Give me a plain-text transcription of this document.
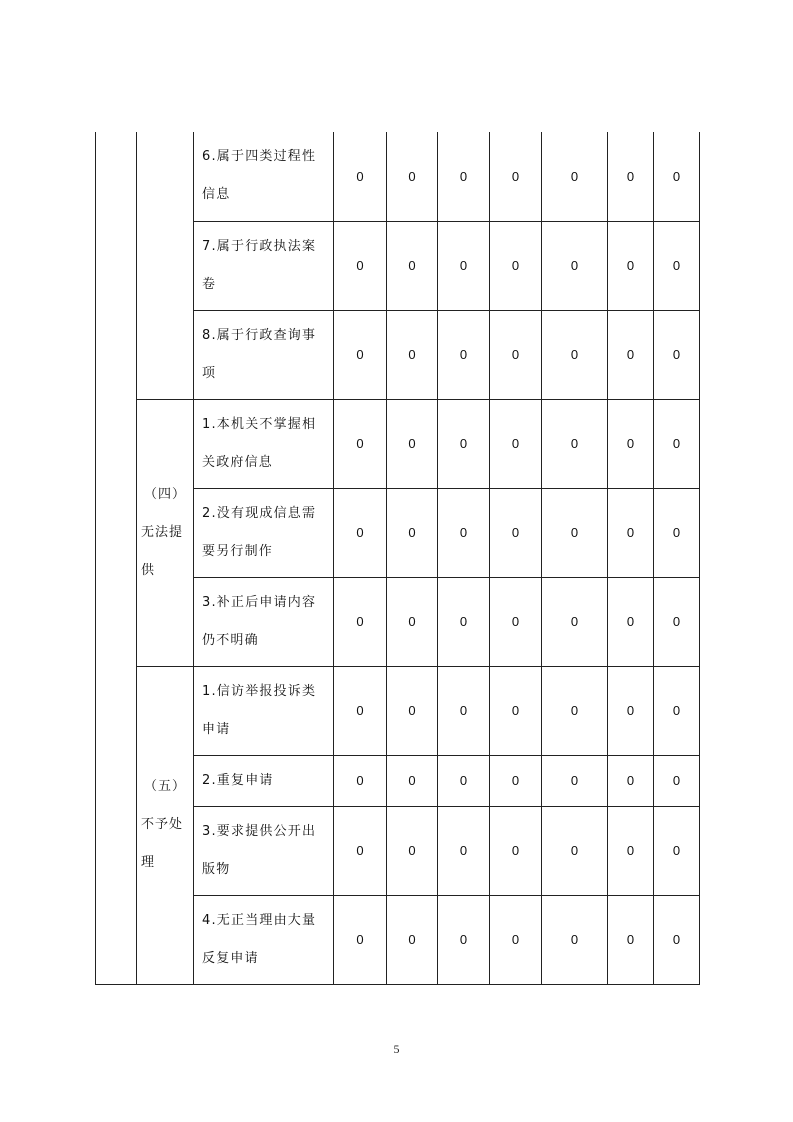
		6.属于四类过程性信息	0	0	0	0	0	0	0
		7.属于行政执法案卷	0	0	0	0	0	0	0
		8.属于行政查询事项	0	0	0	0	0	0	0

	（四）
无法提供	1.本机关不掌握相关政府信息	0	0	0	0	0	0	0
		2.没有现成信息需要另行制作	0	0	0	0	0	0	0
		3.补正后申请内容仍不明确	0	0	0	0	0	0	0

	（五）
不予处理	1.信访举报投诉类申请	0	0	0	0	0	0	0
		2.重复申请	0	0	0	0	0	0	0
		3.要求提供公开出版物	0	0	0	0	0	0	0
		4.无正当理由大量反复申请	0	0	0	0	0	0	0
5
